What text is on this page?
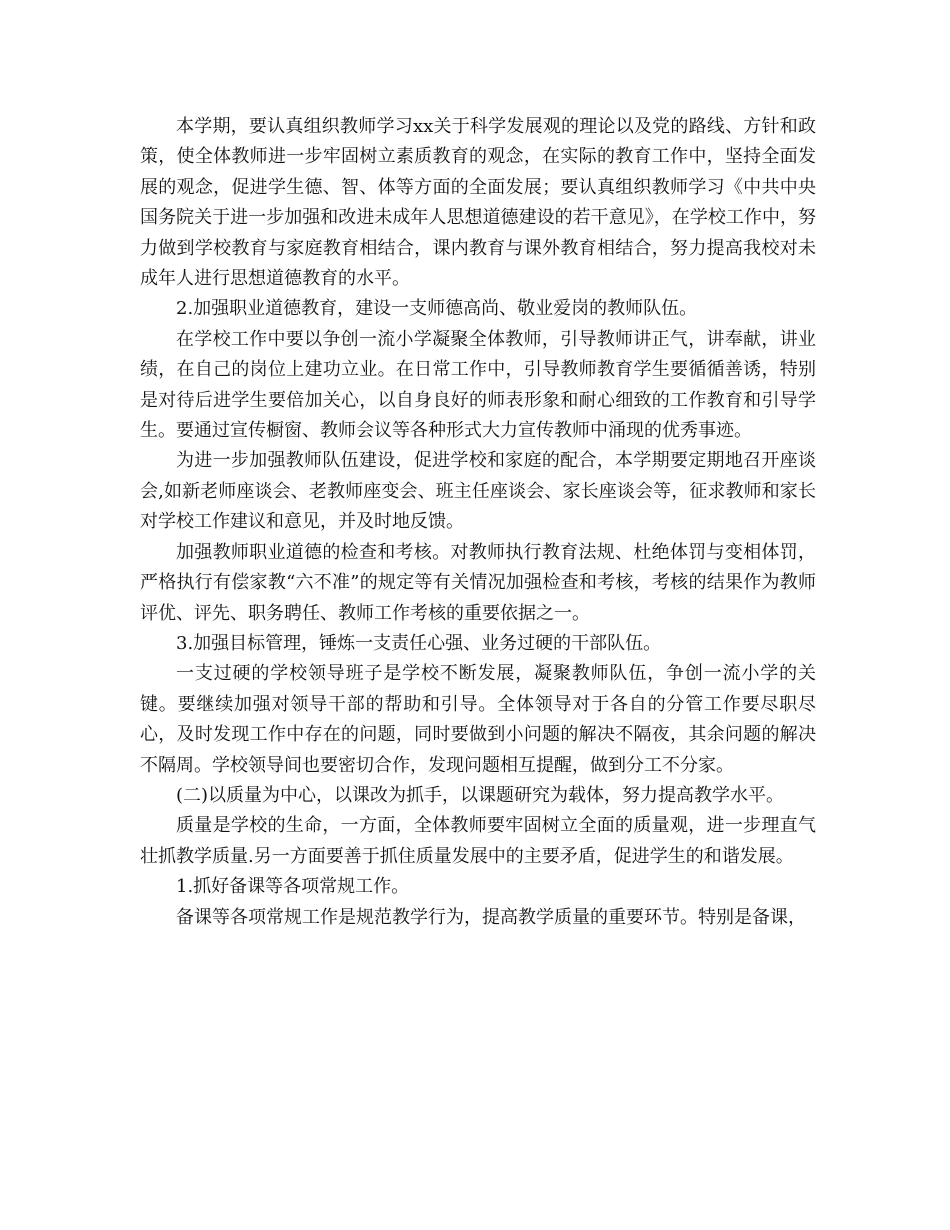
本学期，要认真组织教师学习xx关于科学发展观的理论以及党的路线、方针和政策，使全体教师进一步牢固树立素质教育的观念，在实际的教育工作中，坚持全面发展的观念，促进学生德、智、体等方面的全面发展；要认真组织教师学习《中共中央国务院关于进一步加强和改进未成年人思想道德建设的若干意见》，在学校工作中，努力做到学校教育与家庭教育相结合，课内教育与课外教育相结合，努力提高我校对未成年人进行思想道德教育的水平。

2.加强职业道德教育，建设一支师德高尚、敬业爱岗的教师队伍。

在学校工作中要以争创一流小学凝聚全体教师，引导教师讲正气，讲奉献，讲业绩，在自己的岗位上建功立业。在日常工作中，引导教师教育学生要循循善诱，特别是对待后进学生要倍加关心，以自身良好的师表形象和耐心细致的工作教育和引导学生。要通过宣传橱窗、教师会议等各种形式大力宣传教师中涌现的优秀事迹。

为进一步加强教师队伍建设，促进学校和家庭的配合，本学期要定期地召开座谈会,如新老师座谈会、老教师座变会、班主任座谈会、家长座谈会等，征求教师和家长对学校工作建议和意见，并及时地反馈。

加强教师职业道德的检查和考核。对教师执行教育法规、杜绝体罚与变相体罚，严格执行有偿家教“六不准”的规定等有关情况加强检查和考核，考核的结果作为教师评优、评先、职务聘任、教师工作考核的重要依据之一。

3.加强目标管理，锤炼一支责任心强、业务过硬的干部队伍。

一支过硬的学校领导班子是学校不断发展，凝聚教师队伍，争创一流小学的关键。要继续加强对领导干部的帮助和引导。全体领导对于各自的分管工作要尽职尽心，及时发现工作中存在的问题，同时要做到小问题的解决不隔夜，其余问题的解决不隔周。学校领导间也要密切合作，发现问题相互提醒，做到分工不分家。

(二)以质量为中心，以课改为抓手，以课题研究为载体，努力提高教学水平。

质量是学校的生命，一方面，全体教师要牢固树立全面的质量观，进一步理直气壮抓教学质量.另一方面要善于抓住质量发展中的主要矛盾，促进学生的和谐发展。

1.抓好备课等各项常规工作。

备课等各项常规工作是规范教学行为，提高教学质量的重要环节。特别是备课，
